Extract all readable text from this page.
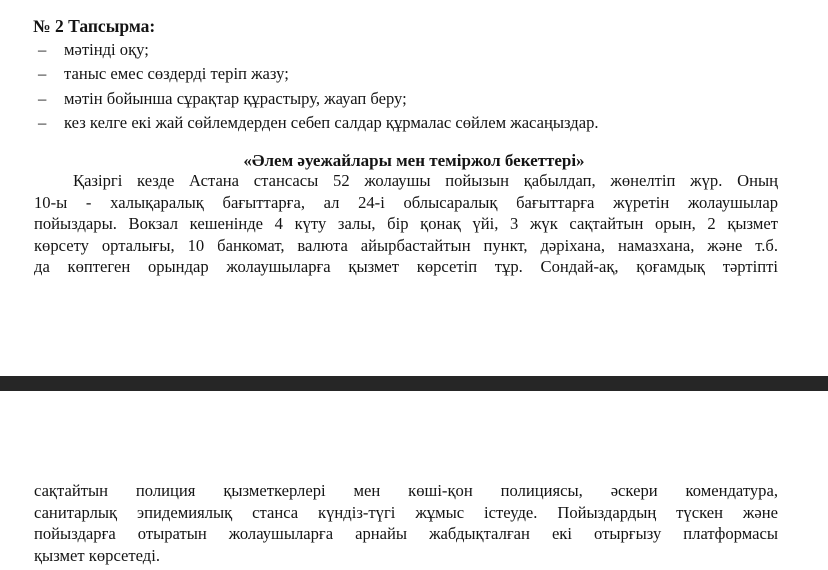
№ 2 Тапсырма:
–	мәтінді оқу;
–	таныс емес сөздерді теріп жазу;
–	мәтін бойынша сұрақтар құрастыру, жауап беру;
–	кез келге екі жай сөйлемдерден себеп салдар құрмалас сөйлем жасаңыздар.
«Әлем әуежайлары мен теміржол бекеттері»
Қазіргі кезде Астана стансасы 52 жолаушы пойызын қабылдап, жөнелтіп жүр. Оның
10-ы - халықаралық бағыттарға, ал 24-і облысаралық бағыттарға жүретін жолаушылар
пойыздары. Вокзал кешенінде 4 күту залы, бір қонақ үйі, 3 жүк сақтайтын орын, 2 қызмет
көрсету орталығы, 10 банкомат, валюта айырбастайтын пункт, дәріхана, намазхана, және т.б.
да көптеген орындар жолаушыларға қызмет көрсетіп тұр. Сондай-ақ, қоғамдық тәртіпті
сақтайтын полиция қызметкерлері мен көші-қон полициясы, әскери комендатура,
санитарлық эпидемиялық станса күндіз-түгі жұмыс істеуде. Пойыздардың түскен және
пойыздарға отыратын жолаушыларға арнайы жабдықталған екі отырғызу платформасы
қызмет көрсетеді.
